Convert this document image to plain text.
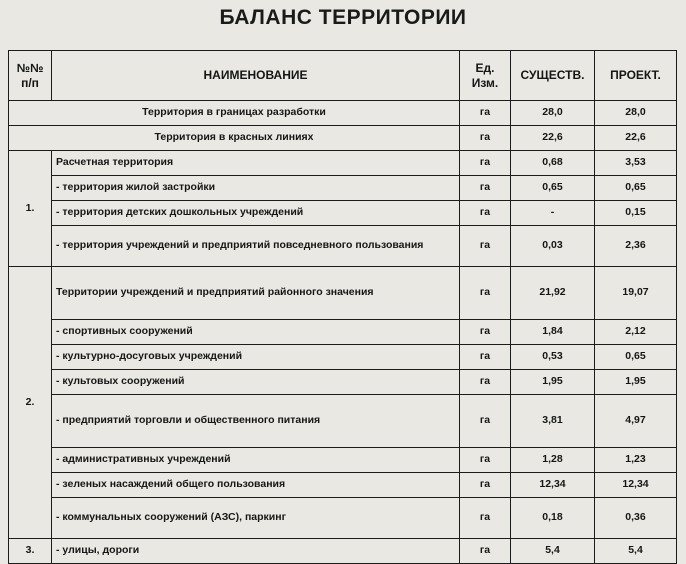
БАЛАНС ТЕРРИТОРИИ
№№ п/п	НАИМЕНОВАНИЕ	Ед. Изм.	СУЩЕСТВ.	ПРОЕКТ.
Территория в границах разработки		га	28,0	28,0
Территория в красных линиях		га	22,6	22,6
1.	Расчетная территория	га	0,68	3,53
	- территория жилой застройки	га	0,65	0,65
	- территория детских дошкольных учреждений	га	-	0,15
	- территория учреждений и предприятий повседневного пользования	га	0,03	2,36
2.	Территории учреждений и предприятий районного значения	га	21,92	19,07
	- спортивных сооружений	га	1,84	2,12
	- культурно-досуговых учреждений	га	0,53	0,65
	- культовых сооружений	га	1,95	1,95
	- предприятий торговли и общественного питания	га	3,81	4,97
	- административных учреждений	га	1,28	1,23
	- зеленых насаждений общего пользования	га	12,34	12,34
	- коммунальных сооружений (АЗС), паркинг	га	0,18	0,36
3.	- улицы, дороги	га	5,4	5,4
